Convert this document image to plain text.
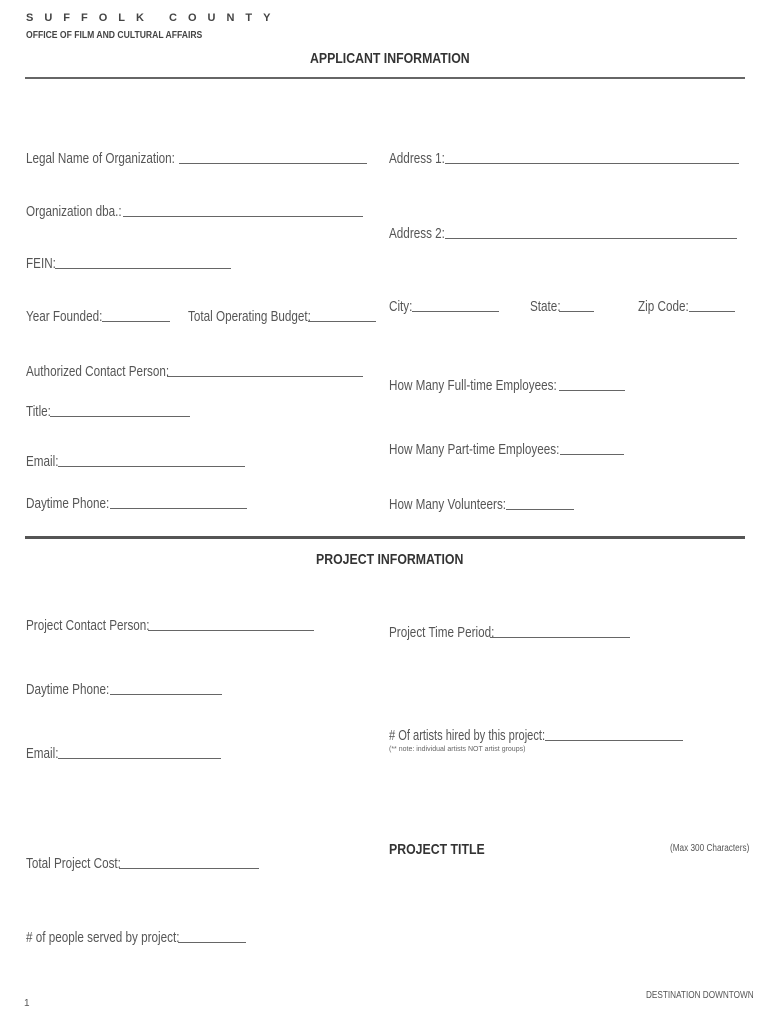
SUFFOLK COUNTY
OFFICE OF FILM AND CULTURAL AFFAIRS
APPLICANT INFORMATION
Legal Name of Organization:
Organization dba.:
FEIN:
Year Founded:	Total Operating Budget:
Authorized Contact Person:
Title:
Email:
Daytime Phone:
Address 1:
Address 2:
City:	State:	Zip Code:
How Many Full-time Employees:
How Many Part-time Employees:
How Many Volunteers:
PROJECT INFORMATION
Project Contact Person:
Daytime Phone:
Email:
Project Time Period:
# Of artists hired by this project:
(** note: individual artists NOT artist groups)
PROJECT TITLE	(Max 300 Characters)
Total Project Cost:
# of people served by project:
DESTINATION DOWNTOWN
1
